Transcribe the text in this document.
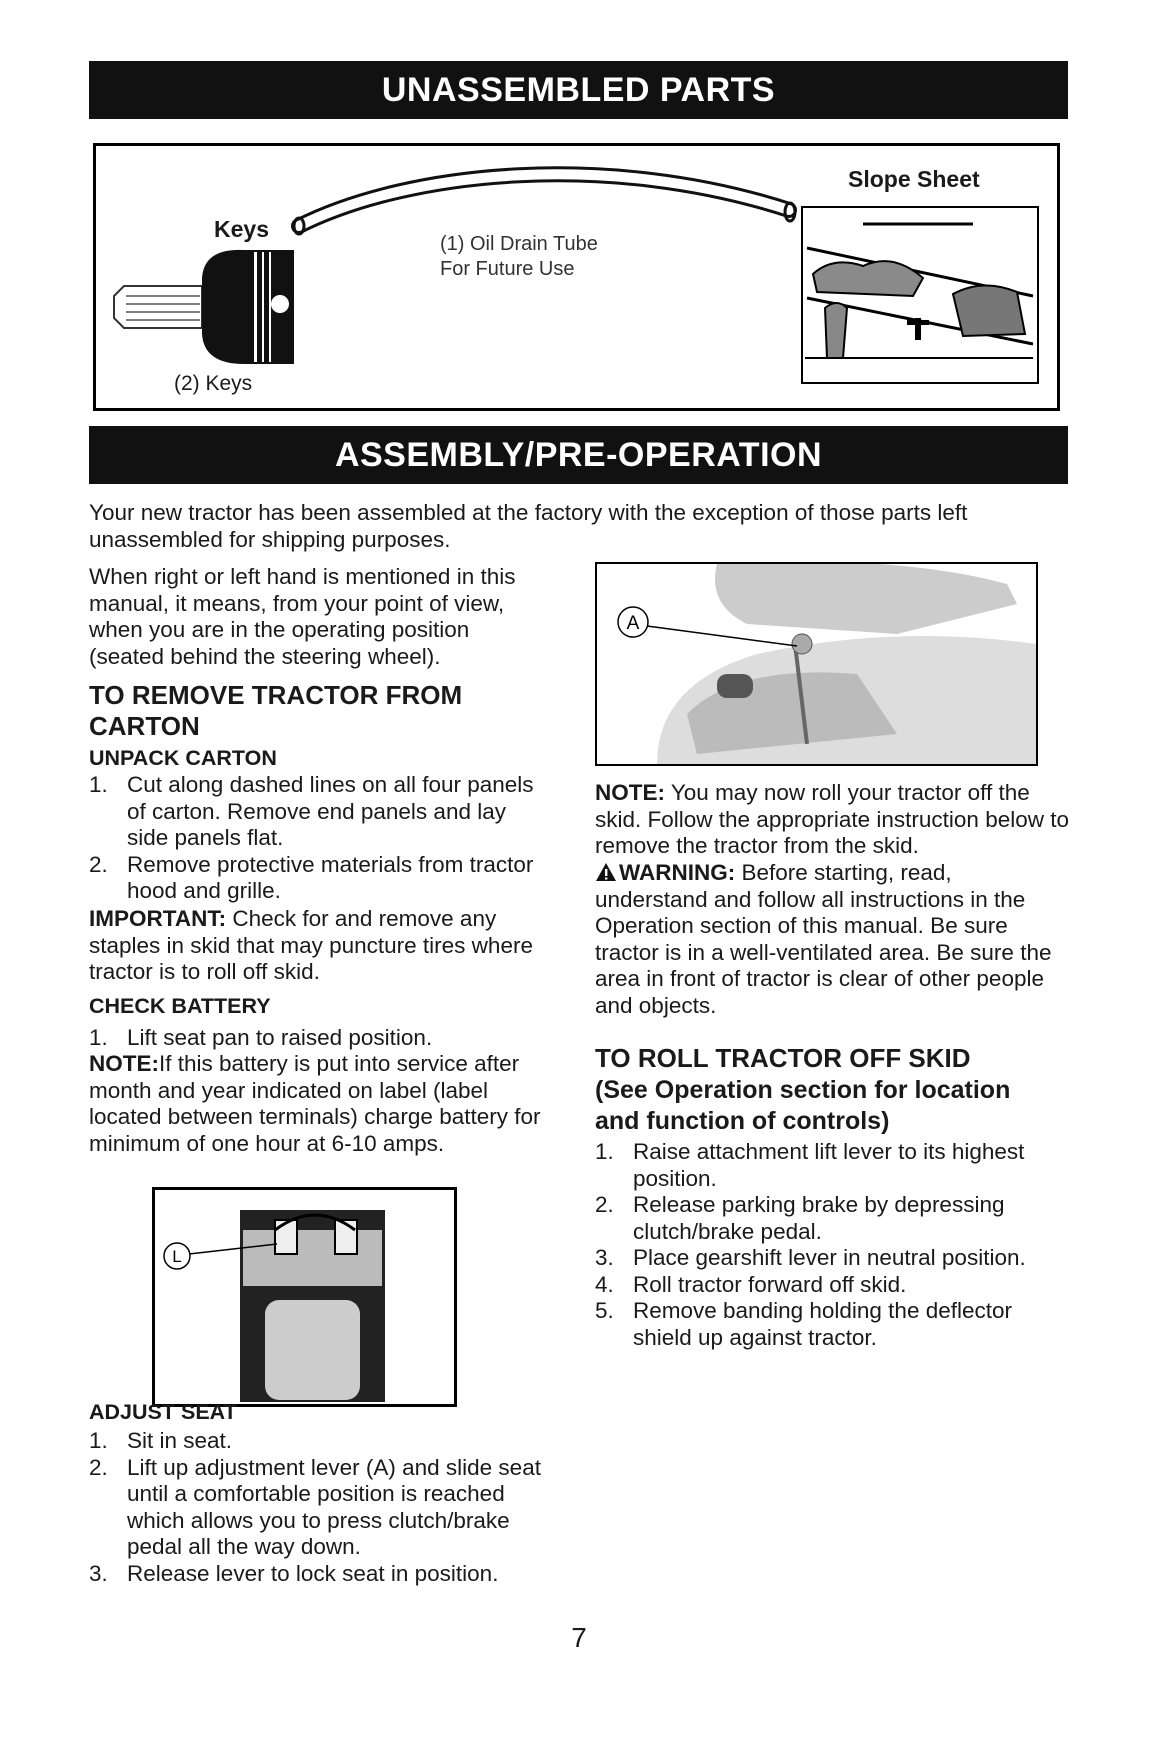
UNASSEMBLED PARTS
Keys
(2) Keys
(1) Oil Drain Tube
For Future Use
Slope Sheet
ASSEMBLY/PRE-OPERATION

Your new tractor has been assembled at the factory with the exception of those parts left unassembled for shipping purposes.

When right or left hand is mentioned in this manual, it means, from your point of view, when you are in the operating position (seated behind the steering wheel).

TO REMOVE TRACTOR FROM
CARTON
UNPACK CARTON
1. Cut along dashed lines on all four panels of carton. Remove end panels and lay side panels flat.
2. Remove protective materials from tractor hood and grille.

IMPORTANT: Check for and remove any staples in skid that may puncture tires where tractor is to roll off skid.

CHECK BATTERY
1. Lift seat pan to raised position.

NOTE:If this battery is put into service after month and year indicated on label (label located between terminals) charge battery for minimum of one hour at 6-10 amps.

L
ADJUST SEAT
1. Sit in seat.
2. Lift up adjustment lever (A) and slide seat until a comfortable position is reached which allows you to press clutch/brake pedal all the way down.
3. Release lever to lock seat in position.
A

NOTE: You may now roll your tractor off the skid. Follow the appropriate instruction below to remove the tractor from the skid.

WARNING: Before starting, read, understand and follow all instructions in the Operation section of this manual. Be sure tractor is in a well-ventilated area. Be sure the area in front of tractor is clear of other people and objects.

TO ROLL TRACTOR OFF SKID
(See Operation section for location
and function of controls)
1. Raise attachment lift lever to its highest position.
2. Release parking brake by depressing clutch/brake pedal.
3. Place gearshift lever in neutral position.
4. Roll tractor forward off skid.
5. Remove banding holding the deflector shield up against tractor.
7
